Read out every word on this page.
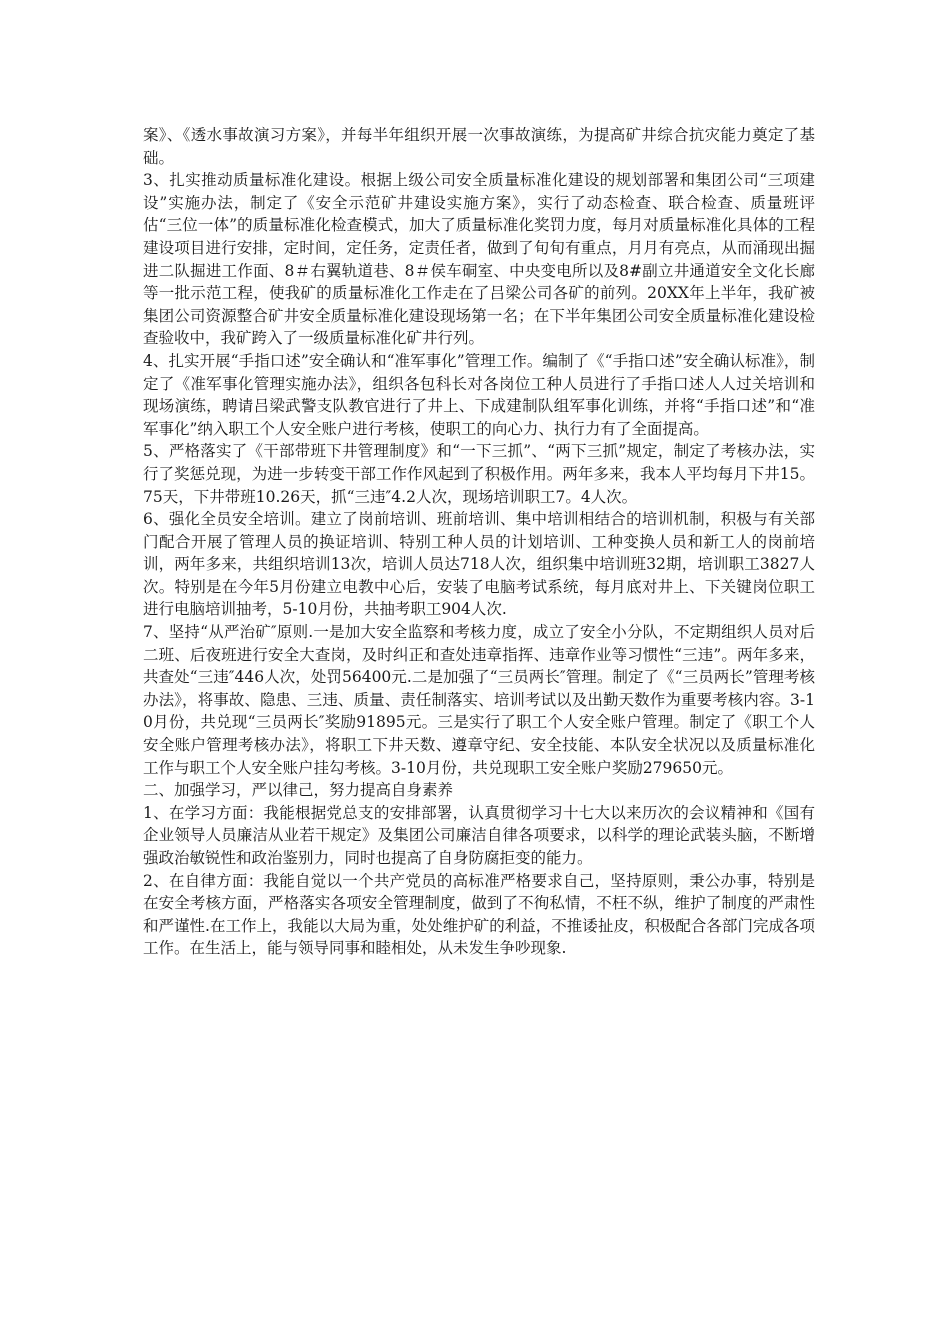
案》、《透水事故演习方案》，并每半年组织开展一次事故演练，为提高矿井综合抗灾能力奠定了基础。

3、扎实推动质量标准化建设。根据上级公司安全质量标准化建设的规划部署和集团公司“三项建设”实施办法，制定了《安全示范矿井建设实施方案》，实行了动态检查、联合检查、质量班评估“三位一体”的质量标准化检查模式，加大了质量标准化奖罚力度，每月对质量标准化具体的工程建设项目进行安排，定时间，定任务，定责任者，做到了旬旬有重点，月月有亮点，从而涌现出掘进二队掘进工作面、8＃右翼轨道巷、8＃侯车硐室、中央变电所以及8#副立井通道安全文化长廊等一批示范工程，使我矿的质量标准化工作走在了吕梁公司各矿的前列。20XX年上半年，我矿被集团公司资源整合矿井安全质量标准化建设现场第一名；在下半年集团公司安全质量标准化建设检查验收中，我矿跨入了一级质量标准化矿井行列。

4、扎实开展“手指口述”安全确认和“准军事化”管理工作。编制了《“手指口述”安全确认标准》，制定了《准军事化管理实施办法》，组织各包科长对各岗位工种人员进行了手指口述人人过关培训和现场演练，聘请吕梁武警支队教官进行了井上、下成建制队组军事化训练，并将“手指口述”和“准军事化”纳入职工个人安全账户进行考核，使职工的向心力、执行力有了全面提高。

5、严格落实了《干部带班下井管理制度》和“一下三抓”、“两下三抓”规定，制定了考核办法，实行了奖惩兑现，为进一步转变干部工作作风起到了积极作用。两年多来，我本人平均每月下井15。75天，下井带班10.26天，抓“三违″4.2人次，现场培训职工7。4人次。

6、强化全员安全培训。建立了岗前培训、班前培训、集中培训相结合的培训机制，积极与有关部门配合开展了管理人员的换证培训、特别工种人员的计划培训、工种变换人员和新工人的岗前培训，两年多来，共组织培训13次，培训人员达718人次，组织集中培训班32期，培训职工3827人次。特别是在今年5月份建立电教中心后，安装了电脑考试系统，每月底对井上、下关键岗位职工进行电脑培训抽考，5-10月份，共抽考职工904人次.

7、坚持“从严治矿″原则.一是加大安全监察和考核力度，成立了安全小分队，不定期组织人员对后二班、后夜班进行安全大查岗，及时纠正和查处违章指挥、违章作业等习惯性“三违”。两年多来，共查处“三违″446人次，处罚56400元.二是加强了“三员两长″管理。制定了《“三员两长”管理考核办法》，将事故、隐患、三违、质量、责任制落实、培训考试以及出勤天数作为重要考核内容。3-10月份，共兑现“三员两长″奖励91895元。三是实行了职工个人安全账户管理。制定了《职工个人安全账户管理考核办法》，将职工下井天数、遵章守纪、安全技能、本队安全状况以及质量标准化工作与职工个人安全账户挂勾考核。3-10月份，共兑现职工安全账户奖励279650元。

二、加强学习，严以律己，努力提高自身素养

1、在学习方面：我能根据党总支的安排部署，认真贯彻学习十七大以来历次的会议精神和《国有企业领导人员廉洁从业若干规定》及集团公司廉洁自律各项要求，以科学的理论武装头脑，不断增强政治敏锐性和政治鉴别力，同时也提高了自身防腐拒变的能力。

2、在自律方面：我能自觉以一个共产党员的高标准严格要求自己，坚持原则，秉公办事，特别是在安全考核方面，严格落实各项安全管理制度，做到了不徇私情，不枉不纵，维护了制度的严肃性和严谨性.在工作上，我能以大局为重，处处维护矿的利益，不推诿扯皮，积极配合各部门完成各项工作。在生活上，能与领导同事和睦相处，从未发生争吵现象.
